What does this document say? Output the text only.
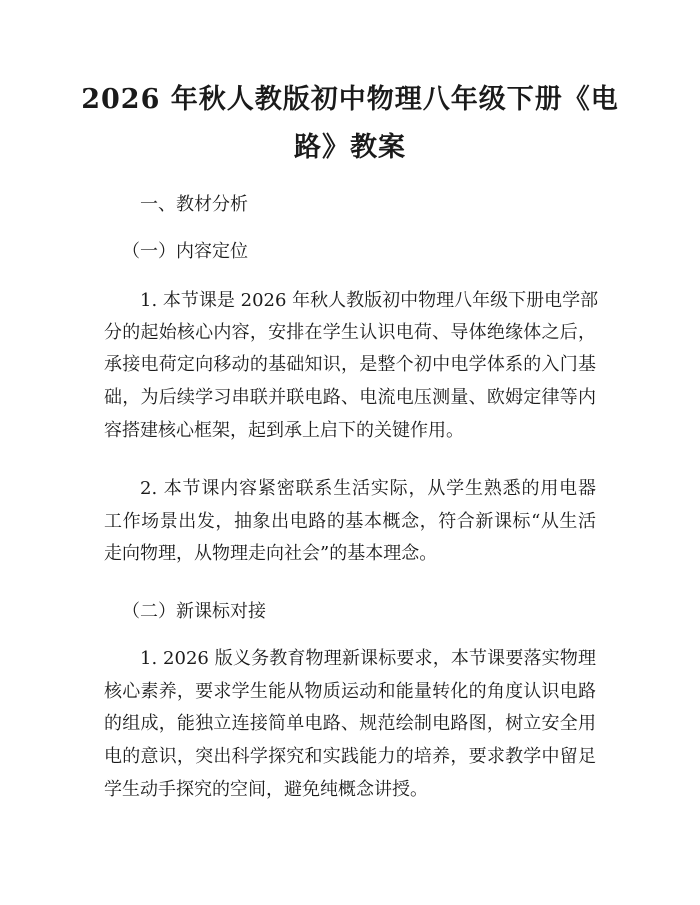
2026 年秋人教版初中物理八年级下册《电
路》教案
一、教材分析
（一）内容定位
1. 本节课是 2026 年秋人教版初中物理八年级下册电学部
分的起始核心内容，安排在学生认识电荷、导体绝缘体之后，
承接电荷定向移动的基础知识，是整个初中电学体系的入门基
础，为后续学习串联并联电路、电流电压测量、欧姆定律等内
容搭建核心框架，起到承上启下的关键作用。
2. 本节课内容紧密联系生活实际，从学生熟悉的用电器
工作场景出发，抽象出电路的基本概念，符合新课标“从生活
走向物理，从物理走向社会”的基本理念。
（二）新课标对接
1. 2026 版义务教育物理新课标要求，本节课要落实物理
核心素养，要求学生能从物质运动和能量转化的角度认识电路
的组成，能独立连接简单电路、规范绘制电路图，树立安全用
电的意识，突出科学探究和实践能力的培养，要求教学中留足
学生动手探究的空间，避免纯概念讲授。
